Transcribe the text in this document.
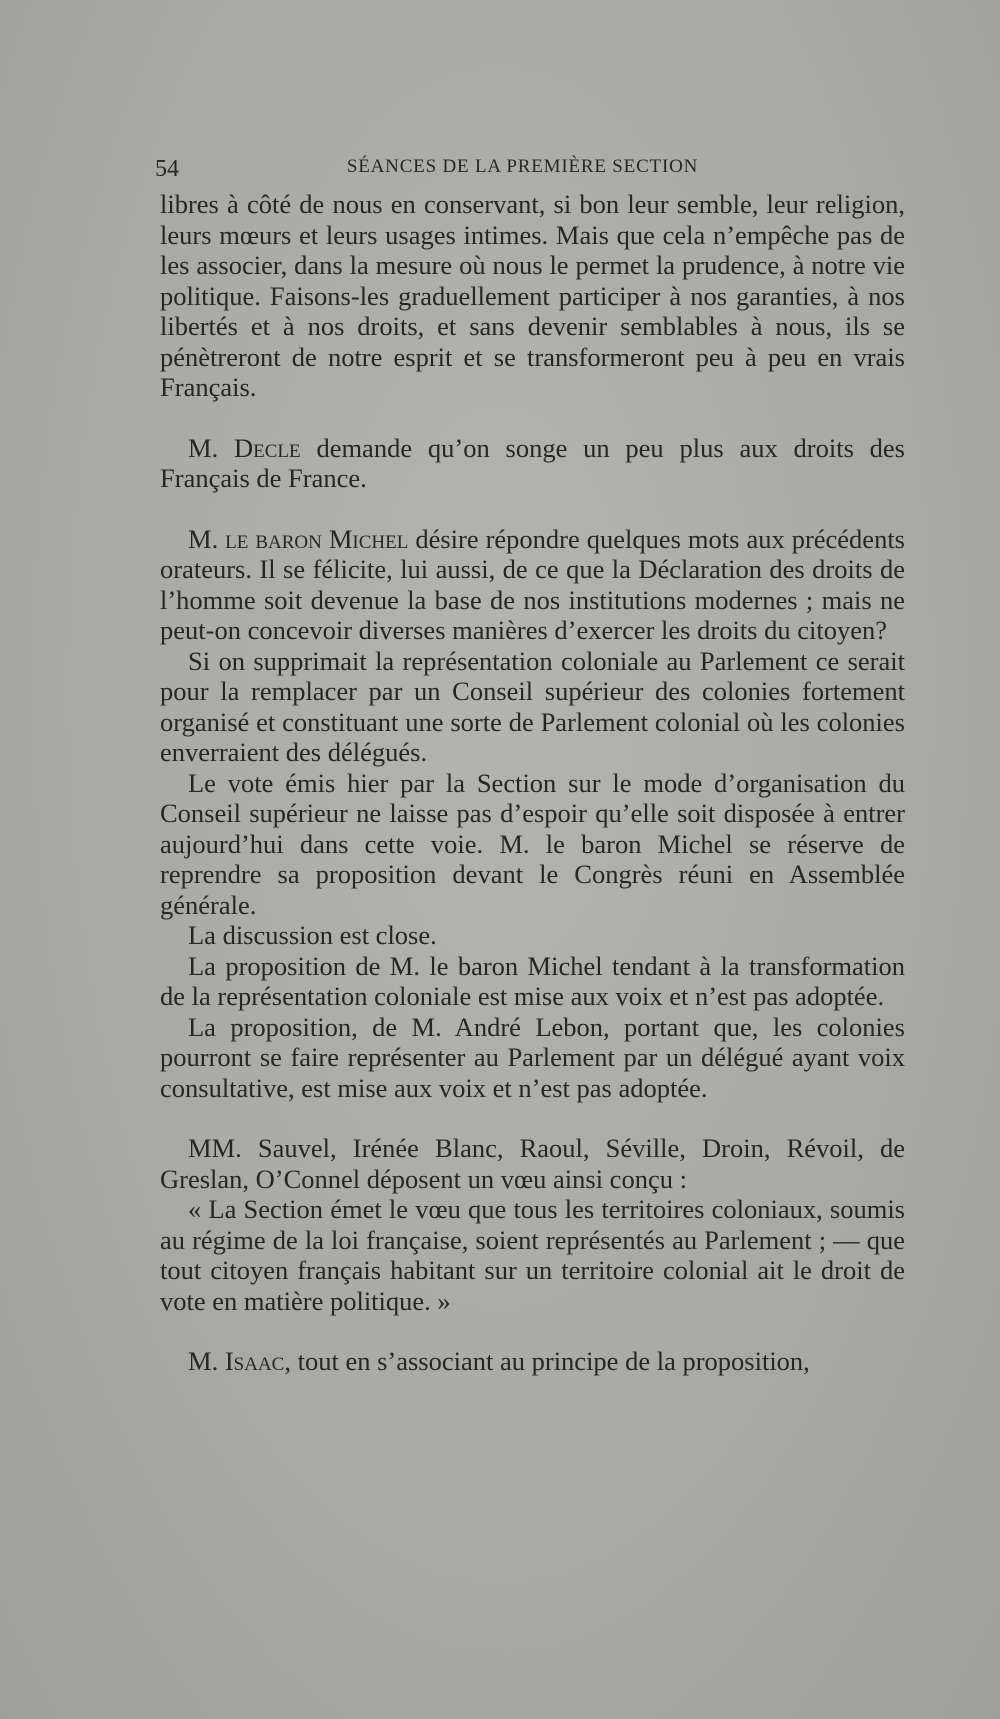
54	SÉANCES DE LA PREMIÈRE SECTION

libres à côté de nous en conservant, si bon leur semble, leur religion, leurs mœurs et leurs usages intimes. Mais que cela n’empêche pas de les associer, dans la mesure où nous le permet la prudence, à notre vie politique. Faisons-les graduellement participer à nos garanties, à nos libertés et à nos droits, et sans devenir semblables à nous, ils se pénètreront de notre esprit et se transformeront peu à peu en vrais Français.

M. Decle demande qu’on songe un peu plus aux droits des Français de France.

M. le baron Michel désire répondre quelques mots aux précédents orateurs. Il se félicite, lui aussi, de ce que la Déclaration des droits de l’homme soit devenue la base de nos institutions modernes ; mais ne peut-on concevoir diverses manières d’exercer les droits du citoyen?

Si on supprimait la représentation coloniale au Parlement ce serait pour la remplacer par un Conseil supérieur des colonies fortement organisé et constituant une sorte de Parlement colonial où les colonies enverraient des délégués.

Le vote émis hier par la Section sur le mode d’organisation du Conseil supérieur ne laisse pas d’espoir qu’elle soit disposée à entrer aujourd’hui dans cette voie. M. le baron Michel se réserve de reprendre sa proposition devant le Congrès réuni en Assemblée générale.

La discussion est close.

La proposition de M. le baron Michel tendant à la transformation de la représentation coloniale est mise aux voix et n’est pas adoptée.

La proposition, de M. André Lebon, portant que, les colonies pourront se faire représenter au Parlement par un délégué ayant voix consultative, est mise aux voix et n’est pas adoptée.

MM. Sauvel, Irénée Blanc, Raoul, Séville, Droin, Révoil, de Greslan, O’Connel déposent un vœu ainsi conçu :

« La Section émet le vœu que tous les territoires coloniaux, soumis au régime de la loi française, soient représentés au Parlement ; — que tout citoyen français habitant sur un territoire colonial ait le droit de vote en matière politique. »

M. Isaac, tout en s’associant au principe de la proposition,
